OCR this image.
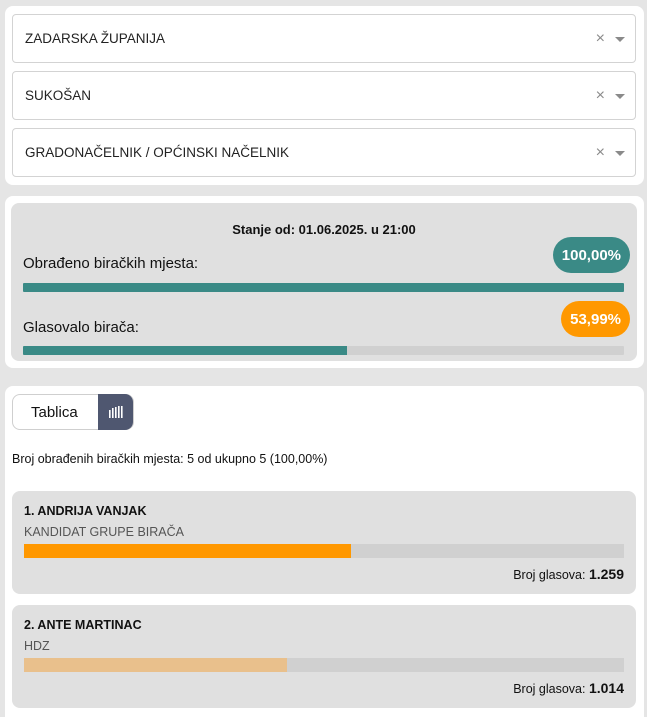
ZADARSKA ŽUPANIJA	×
SUKOŠAN	×
GRADONAČELNIK / OPĆINSKI NAČELNIK	×
Stanje od: 01.06.2025. u 21:00
Obrađeno biračkih mjesta:	100,00%
Glasovalo birača:	53,99%
Tablica
Broj obrađenih biračkih mjesta: 5 od ukupno 5 (100,00%)
1. ANDRIJA VANJAK
KANDIDAT GRUPE BIRAČA
Broj glasova: 1.259
2. ANTE MARTINAC
HDZ
Broj glasova: 1.014
